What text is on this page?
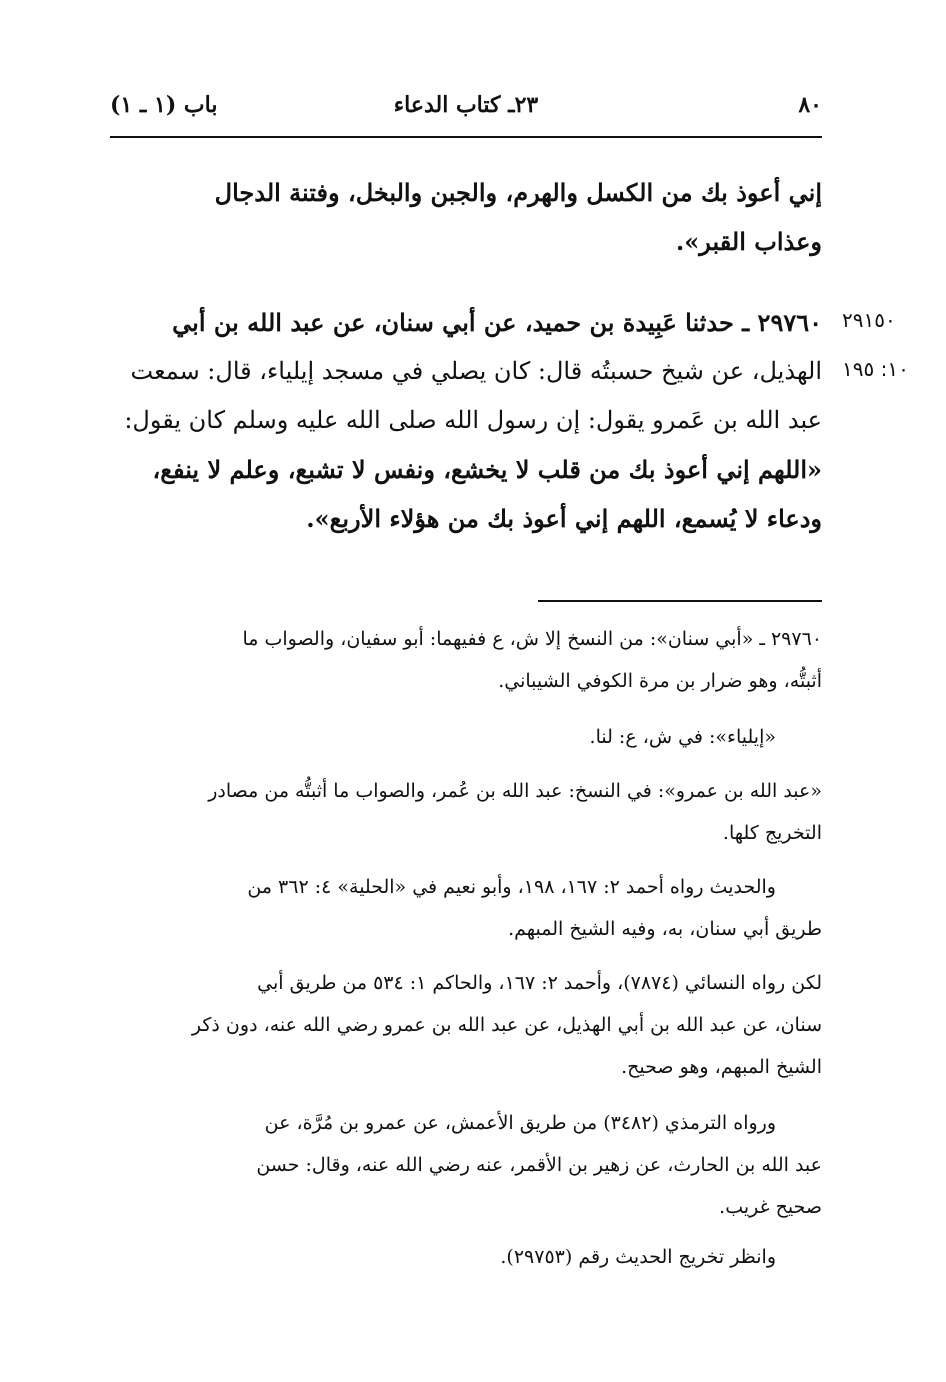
٨٠
٢٣ـ كتاب الدعاء
باب (١ ـ ١)
إني أعوذ بك من الكسل والهرم، والجبن والبخل، وفتنة الدجال
وعذاب القبر».
٢٩١٥٠
١٠: ١٩٥
٢٩٧٦٠ ـ حدثنا عَبِيدة بن حميد، عن أبي سنان، عن عبد الله بن أبي
الهذيل، عن شيخ حسبتُه قال: كان يصلي في مسجد إيلياء، قال: سمعت
عبد الله بن عَمرو يقول: إن رسول الله صلى الله عليه وسلم كان يقول:
«اللهم إني أعوذ بك من قلب لا يخشع، ونفس لا تشبع، وعلم لا ينفع،
ودعاء لا يُسمع، اللهم إني أعوذ بك من هؤلاء الأربع».
٢٩٧٦٠ ـ «أبي سنان»: من النسخ إلا ش، ع ففيهما: أبو سفيان، والصواب ما
أثبتُّه، وهو ضرار بن مرة الكوفي الشيباني.
«إيلياء»: في ش، ع: لنا.
«عبد الله بن عمرو»: في النسخ: عبد الله بن عُمر، والصواب ما أثبتُّه من مصادر
التخريج كلها.
والحديث رواه أحمد ٢: ١٦٧، ١٩٨، وأبو نعيم في «الحلية» ٤: ٣٦٢ من
طريق أبي سنان، به، وفيه الشيخ المبهم.
لكن رواه النسائي (٧٨٧٤)، وأحمد ٢: ١٦٧، والحاكم ١: ٥٣٤ من طريق أبي
سنان، عن عبد الله بن أبي الهذيل، عن عبد الله بن عمرو رضي الله عنه، دون ذكر
الشيخ المبهم، وهو صحيح.
ورواه الترمذي (٣٤٨٢) من طريق الأعمش، عن عمرو بن مُرَّة، عن
عبد الله بن الحارث، عن زهير بن الأقمر، عنه رضي الله عنه، وقال: حسن
صحيح غريب.
وانظر تخريج الحديث رقم (٢٩٧٥٣).
